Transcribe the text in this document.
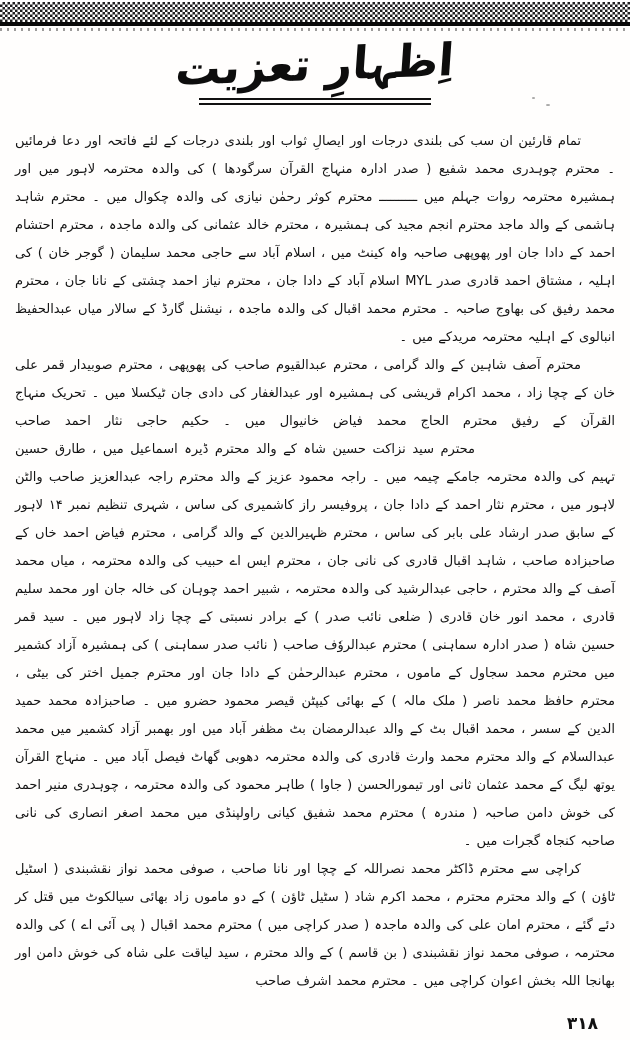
اِظہارِ تعزیت

تمام قارئین ان سب کی بلندی درجات اور ایصالِ ثواب اور بلندی درجات کے لئے فاتحہ اور دعا فرمائیں ۔ محترم چوہدری محمد شفیع ( صدر ادارہ منہاج القرآن سرگودھا ) کی والدہ محترمہ لاہور میں اور ہمشیرہ محترمہ روات جہلم میں ــــــــــ محترم کوثر رحمٰن نیازی کی والدہ چکوال میں ۔ محترم شاہد ہاشمی کے والد ماجد محترم انجم مجید کی ہمشیرہ ، محترم خالد عثمانی کی والدہ ماجدہ ، محترم احتشام احمد کے دادا جان اور پھوپھی صاحبہ واہ کینٹ میں ، اسلام آباد سے حاجی محمد سلیمان ( گوجر خان ) کی اہلیہ ، مشتاق احمد قادری صدر MYL اسلام آباد کے دادا جان ، محترم نیاز احمد چشتی کے نانا جان ، محترم محمد رفیق کی بھاوج صاحبہ ۔ محترم محمد اقبال کی والدہ ماجدہ ، نیشنل گارڈ کے سالار میاں عبدالحفیظ انبالوی کے اہلیہ محترمہ مریدکے میں ۔

محترم آصف شاہین کے والد گرامی ، محترم عبدالقیوم صاحب کی پھوپھی ، محترم صوبیدار قمر علی خان کے چچا زاد ، محمد اکرام قریشی کی ہمشیرہ اور عبدالغفار کی دادی جان ٹیکسلا میں ۔ تحریک منہاج القرآن کے رفیق محترم الحاج محمد فیاض خانیوال میں ۔ حکیم حاجی نثار احمد صاحبمحترم سید نزاکت حسین شاہ کے والد محترم ڈیرہ اسماعیل میں ، طارق حسین تہیم کی والدہ محترمہ جامکے چیمہ میں ۔ راجہ محمود عزیز کے والد محترم راجہ عبدالعزیز صاحب والٹن لاہور میں ، محترم نثار احمد کے دادا جان ، پروفیسر راز کاشمیری کی ساس ، شہری تنظیم نمبر ۱۴ لاہور کے سابق صدر ارشاد علی بابر کی ساس ، محترم ظہیرالدین کے والد گرامی ، محترم فیاض احمد خاں کے صاحبزادہ صاحب ، شاہد اقبال قادری کی نانی جان ، محترم ایس اے حبیب کی والدہ محترمہ ، میاں محمد آصف کے والد محترم ، حاجی عبدالرشید کی والدہ محترمہ ، شبیر احمد چوہان کی خالہ جان اور محمد سلیم قادری ، محمد انور خان قادری ( ضلعی نائب صدر ) کے برادر نسبتی کے چچا زاد لاہور میں ۔ سید قمر حسین شاہ ( صدر ادارہ سماہنی ) محترم عبدالروٗف صاحب ( نائب صدر سماہنی ) کی ہمشیرہ آزاد کشمیر میں محترم محمد سجاول کے ماموں ، محترم عبدالرحمٰن کے دادا جان اور محترم جمیل اختر کی بیٹی ، محترم حافظ محمد ناصر ( ملک مالہ ) کے بھائی کیپٹن قیصر محمود حضرو میں ۔ صاحبزادہ محمد حمید الدین کے سسر ، محمد اقبال بٹ کے والد عبدالرمضان بٹ مظفر آباد میں اور بھمبر آزاد کشمیر میں محمد عبدالسلام کے والد محترم محمد وارث قادری کی والدہ محترمہ دھوبی گھاٹ فیصل آباد میں ۔ منہاج القرآن یوتھ لیگ کے محمد عثمان ثانی اور تیمورالحسن ( جاوا ) طاہر محمود کی والدہ محترمہ ، چوہدری منیر احمد کی خوش دامن صاحبہ ( مندرہ ) محترم محمد شفیق کیانی راولپنڈی میں محمد اصغر انصاری کی نانی صاحبہ کنجاہ گجرات میں ۔

کراچی سے محترم ڈاکٹر محمد نصراللہ کے چچا اور نانا صاحب ، صوفی محمد نواز نقشبندی ( اسٹیل ٹاؤن ) کے والد محترم محترم ، محمد اکرم شاد ( سٹیل ٹاؤن ) کے دو ماموں زاد بھائی سیالکوٹ میں قتل کر دئے گئے ، محترم امان علی کی والدہ ماجدہ ( صدر کراچی میں ) محترم محمد اقبال ( پی آئی اے ) کی والدہ محترمہ ، صوفی محمد نواز نقشبندی ( بن قاسم ) کے والد محترم ، سید لیاقت علی شاہ کی خوش دامن اور بھانجا اللہ بخش اعوان کراچی میں ۔ محترم محمد اشرف صاحب

۳۱۸
